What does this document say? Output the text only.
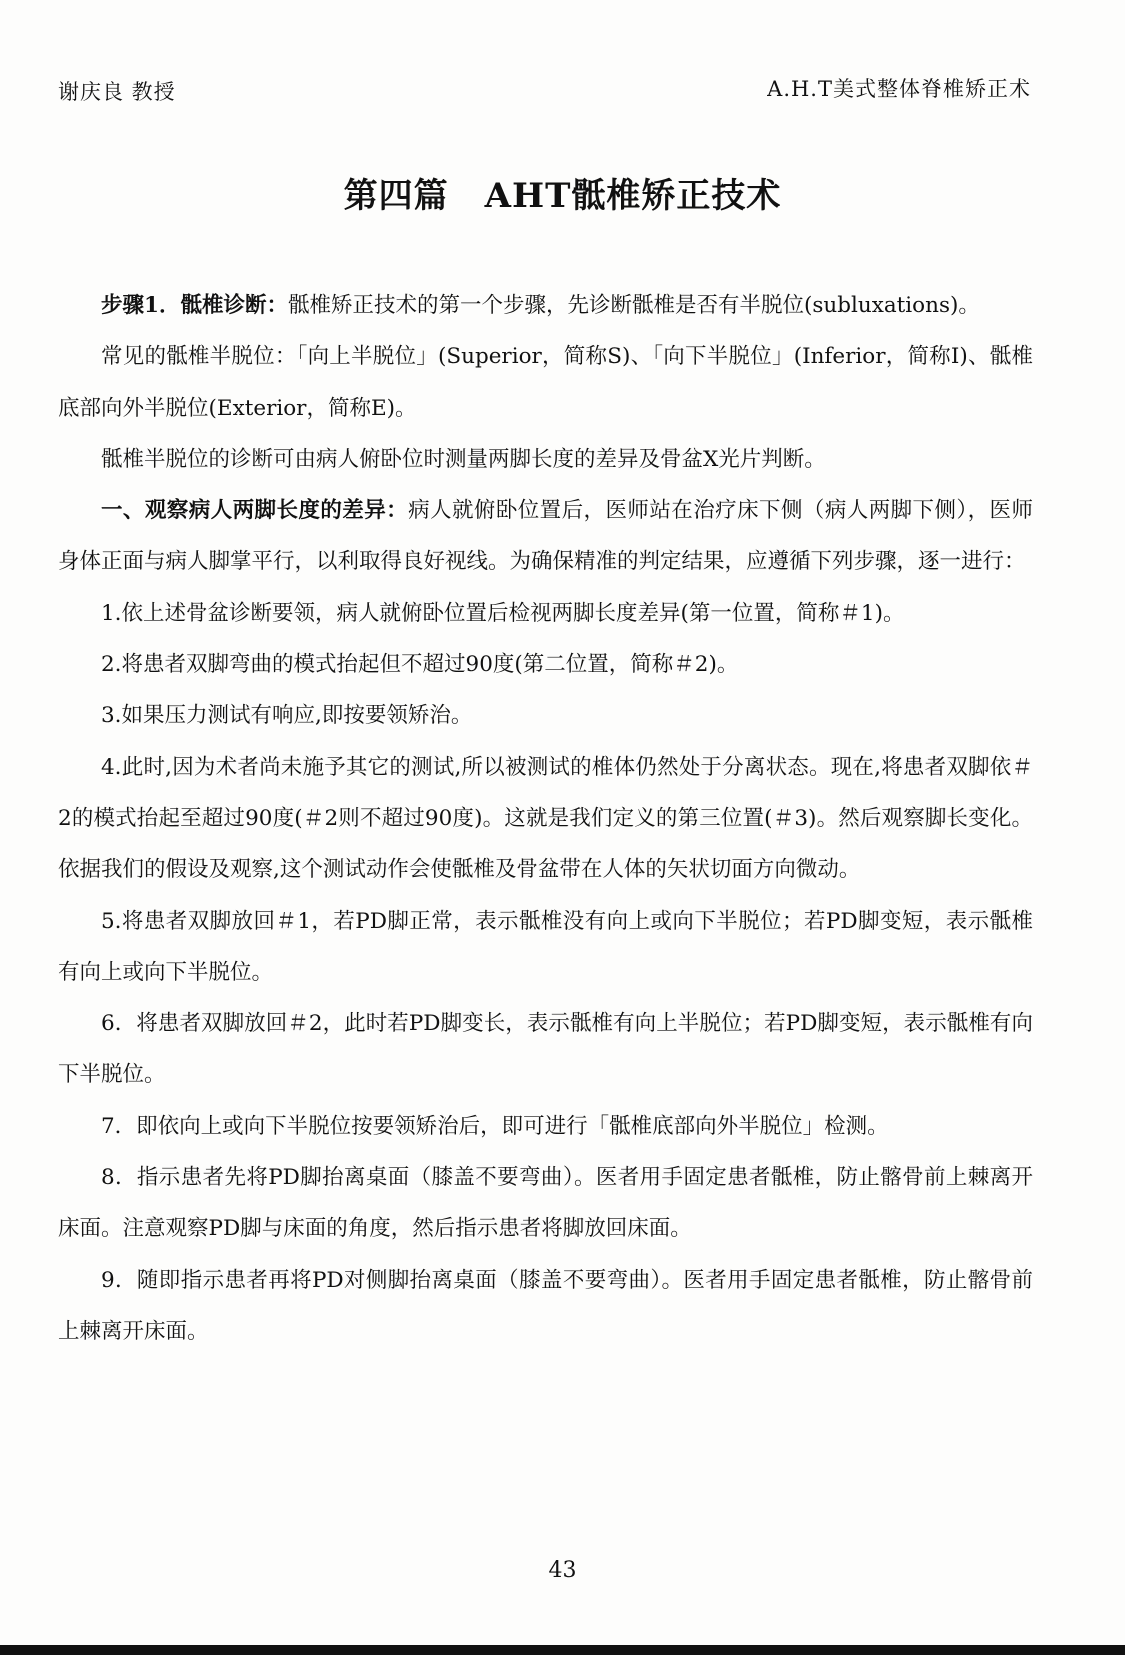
谢庆良 教授	A.H.T美式整体脊椎矫正术
第四篇 AHT骶椎矫正技术

步骤1．骶椎诊断：骶椎矫正技术的第一个步骤，先诊断骶椎是否有半脱位(subluxations)。

常见的骶椎半脱位：「向上半脱位」(Superior，简称S)、「向下半脱位」(Inferior，简称I)、骶椎底部向外半脱位(Exterior，简称E)。

骶椎半脱位的诊断可由病人俯卧位时测量两脚长度的差异及骨盆X光片判断。

一、观察病人两脚长度的差异：病人就俯卧位置后，医师站在治疗床下侧（病人两脚下侧），医师身体正面与病人脚掌平行，以利取得良好视线。为确保精准的判定结果，应遵循下列步骤，逐一进行：

1.依上述骨盆诊断要领，病人就俯卧位置后检视两脚长度差异(第一位置，简称＃1)。

2.将患者双脚弯曲的模式抬起但不超过90度(第二位置，简称＃2)。

3.如果压力测试有响应,即按要领矫治。

4.此时,因为术者尚未施予其它的测试,所以被测试的椎体仍然处于分离状态。现在,将患者双脚依＃2的模式抬起至超过90度(＃2则不超过90度)。这就是我们定义的第三位置(＃3)。然后观察脚长变化。依据我们的假设及观察,这个测试动作会使骶椎及骨盆带在人体的矢状切面方向微动。

5.将患者双脚放回＃1，若PD脚正常，表示骶椎没有向上或向下半脱位；若PD脚变短，表示骶椎有向上或向下半脱位。

6．将患者双脚放回＃2，此时若PD脚变长，表示骶椎有向上半脱位；若PD脚变短，表示骶椎有向下半脱位。

7．即依向上或向下半脱位按要领矫治后，即可进行「骶椎底部向外半脱位」检测。

8．指示患者先将PD脚抬离桌面（膝盖不要弯曲）。医者用手固定患者骶椎，防止髂骨前上棘离开床面。注意观察PD脚与床面的角度，然后指示患者将脚放回床面。

9．随即指示患者再将PD对侧脚抬离桌面（膝盖不要弯曲）。医者用手固定患者骶椎，防止髂骨前上棘离开床面。

43
